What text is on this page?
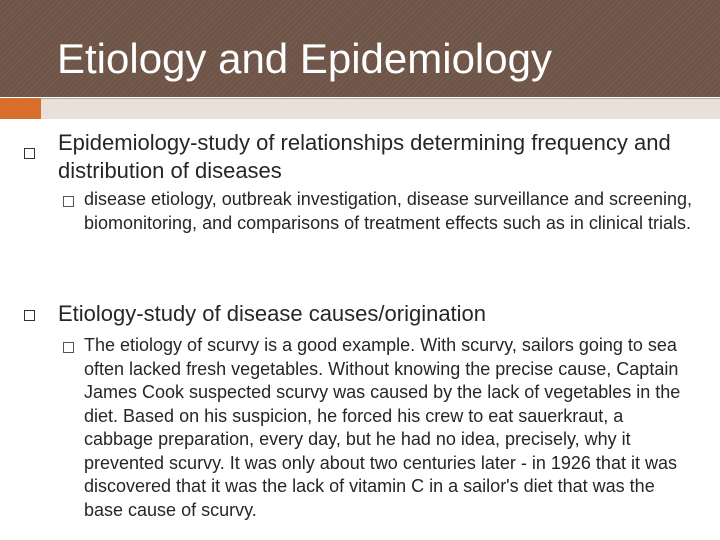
Etiology and Epidemiology

Epidemiology-study of relationships determining frequency and distribution of diseases

disease etiology, outbreak investigation, disease surveillance and screening, biomonitoring, and comparisons of treatment effects such as in clinical trials.

Etiology-study of disease causes/origination

The etiology of scurvy is a good example. With scurvy, sailors going to sea often lacked fresh vegetables. Without knowing the precise cause, Captain James Cook suspected scurvy was caused by the lack of vegetables in the diet. Based on his suspicion, he forced his crew to eat sauerkraut, a cabbage preparation, every day, but he had no idea, precisely, why it prevented scurvy. It was only about two centuries later - in 1926 that it was discovered that it was the lack of vitamin C in a sailor's diet that was the base cause of scurvy.
